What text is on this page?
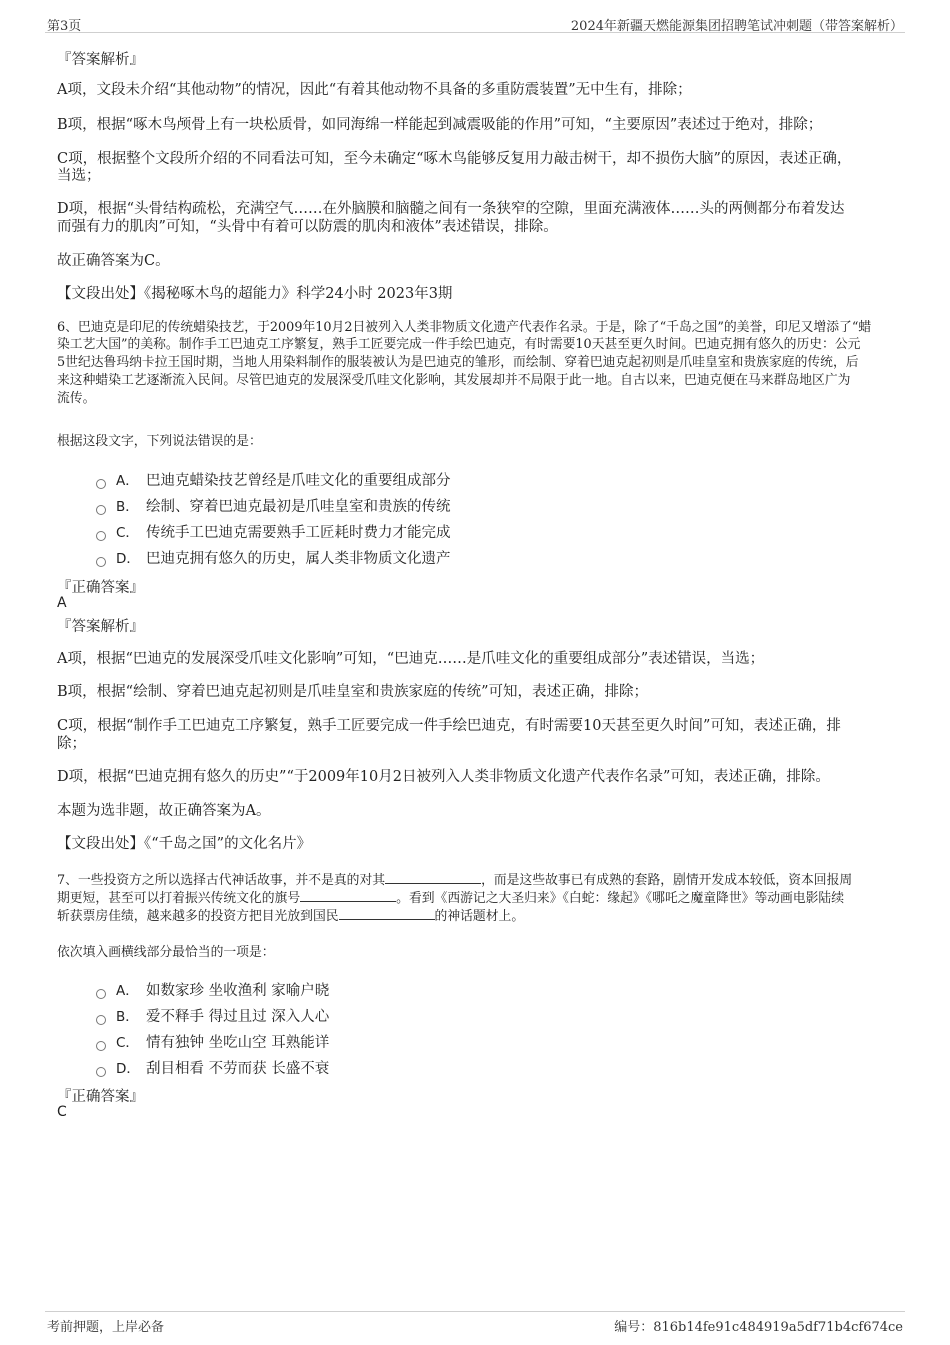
第3页	2024年新疆天燃能源集团招聘笔试冲刺题（带答案解析）
『答案解析』
A项，文段未介绍“其他动物”的情况，因此“有着其他动物不具备的多重防震装置”无中生有，排除；
B项，根据“啄木鸟颅骨上有一块松质骨，如同海绵一样能起到减震吸能的作用”可知，“主要原因”表述过于绝对，排除；
C项，根据整个文段所介绍的不同看法可知，至今未确定“啄木鸟能够反复用力敲击树干，却不损伤大脑”的原因，表述正确，
当选；
D项，根据“头骨结构疏松，充满空气……在外脑膜和脑髓之间有一条狭窄的空隙，里面充满液体……头的两侧都分布着发达
而强有力的肌肉”可知，“头骨中有着可以防震的肌肉和液体”表述错误，排除。
故正确答案为C。
【文段出处】《揭秘啄木鸟的超能力》科学24小时 2023年3期
6、巴迪克是印尼的传统蜡染技艺，于2009年10月2日被列入人类非物质文化遗产代表作名录。于是，除了“千岛之国”的美誉，印尼又增添了“蜡
染工艺大国”的美称。制作手工巴迪克工序繁复，熟手工匠要完成一件手绘巴迪克，有时需要10天甚至更久时间。巴迪克拥有悠久的历史：公元
5世纪达鲁玛纳卡拉王国时期，当地人用染料制作的服装被认为是巴迪克的雏形，而绘制、穿着巴迪克起初则是爪哇皇室和贵族家庭的传统，后
来这种蜡染工艺逐渐流入民间。尽管巴迪克的发展深受爪哇文化影响，其发展却并不局限于此一地。自古以来，巴迪克便在马来群岛地区广为
流传。
根据这段文字，下列说法错误的是：
A． 巴迪克蜡染技艺曾经是爪哇文化的重要组成部分
B． 绘制、穿着巴迪克最初是爪哇皇室和贵族的传统
C． 传统手工巴迪克需要熟手工匠耗时费力才能完成
D． 巴迪克拥有悠久的历史，属人类非物质文化遗产
『正确答案』
A
『答案解析』
A项，根据“巴迪克的发展深受爪哇文化影响”可知，“巴迪克……是爪哇文化的重要组成部分”表述错误，当选；
B项，根据“绘制、穿着巴迪克起初则是爪哇皇室和贵族家庭的传统”可知，表述正确，排除；
C项，根据“制作手工巴迪克工序繁复，熟手工匠要完成一件手绘巴迪克，有时需要10天甚至更久时间”可知，表述正确，排
除；
D项，根据“巴迪克拥有悠久的历史”“于2009年10月2日被列入人类非物质文化遗产代表作名录”可知，表述正确，排除。
本题为选非题，故正确答案为A。
【文段出处】《“千岛之国”的文化名片》
7、一些投资方之所以选择古代神话故事，并不是真的对其	，而是这些故事已有成熟的套路，剧情开发成本较低，资本回报周
期更短，甚至可以打着振兴传统文化的旗号	。看到《西游记之大圣归来》《白蛇：缘起》《哪吒之魔童降世》等动画电影陆续
斩获票房佳绩，越来越多的投资方把目光放到国民	的神话题材上。
依次填入画横线部分最恰当的一项是：
A． 如数家珍 坐收渔利 家喻户晓
B． 爱不释手 得过且过 深入人心
C． 情有独钟 坐吃山空 耳熟能详
D． 刮目相看 不劳而获 长盛不衰
『正确答案』
C
考前押题，上岸必备	编号：816b14fe91c484919a5df71b4cf674ce
